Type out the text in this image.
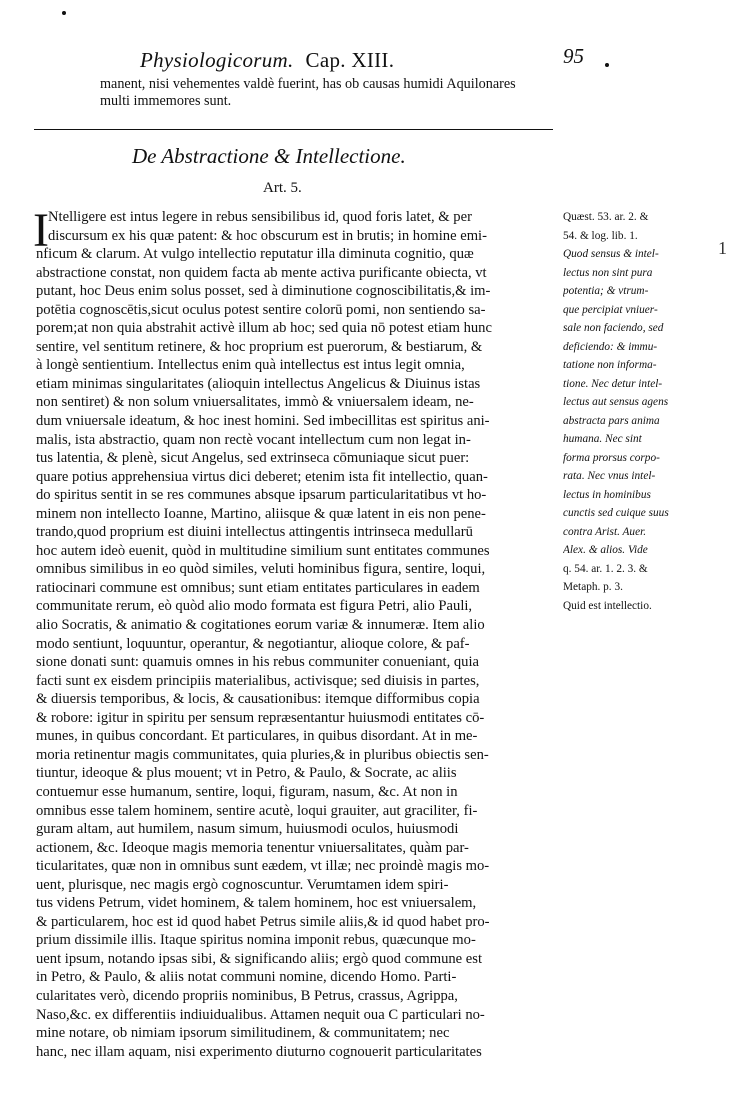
Physiologicorum. Cap. XIII.	95
manent, nisi vehementes valdè fuerint, has ob causas humidi Aquilonares
multi immemores sunt.
De Abstractione & Intellectione.
Art. 5.
I Ntelligere est intus legere in rebus sensibilibus id, quod foris latet, & per
discursum ex his quæ patent: & hoc obscurum est in brutis; in homine emi-
nficum & clarum. At vulgo intellectio reputatur illa diminuta cognitio, quæ
abstractione constat, non quidem facta ab mente activa purificante obiecta, vt
putant, hoc Deus enim solus posset, sed à diminutione cognoscibilitatis,& im-
potētia cognoscētis,sicut oculus potest sentire colorū pomi, non sentiendo sa-
porem;at non quia abstrahit activè illum ab hoc; sed quia nō potest etiam hunc
sentire, vel sentitum retinere, & hoc proprium est puerorum, & bestiarum, &
à longè sentientium. Intellectus enim quà intellectus est intus legit omnia,
etiam minimas singularitates (alioquin intellectus Angelicus & Diuinus istas
non sentiret) & non solum vniuersalitates, immò & vniuersalem ideam, ne-
dum vniuersale ideatum, & hoc inest homini. Sed imbecillitas est spiritus ani-
malis, ista abstractio, quam non rectè vocant intellectum cum non legat in-
tus latentia, & plenè, sicut Angelus, sed extrinseca cōmuniaque sicut puer:
quare potius apprehensiua virtus dici deberet; etenim ista fit intellectio, quan-
do spiritus sentit in se res communes absque ipsarum particularitatibus vt ho-
minem non intellecto Ioanne, Martino, aliisque & quæ latent in eis non pene-
trando,quod proprium est diuini intellectus attingentis intrinseca medullarū
hoc autem ideò euenit, quòd in multitudine similium sunt entitates communes
omnibus similibus in eo quòd similes, veluti hominibus figura, sentire, loqui,
ratiocinari commune est omnibus; sunt etiam entitates particulares in eadem
communitate rerum, eò quòd alio modo formata est figura Petri, alio Pauli,
alio Socratis, & animatio & cogitationes eorum variæ & innumeræ. Item alio
modo sentiunt, loquuntur, operantur, & negotiantur, alioque colore, & paf-
sione donati sunt: quamuis omnes in his rebus communiter conueniant, quia
facti sunt ex eisdem principiis materialibus, activisque; sed diuisis in partes,
& diuersis temporibus, & locis, & causationibus: itemque difformibus copia
& robore: igitur in spiritu per sensum repræsentantur huiusmodi entitates cō-
munes, in quibus concordant. Et particulares, in quibus disordant. At in me-
moria retinentur magis communitates, quia pluries,& in pluribus obiectis sen-
tiuntur, ideoque & plus mouent; vt in Petro, & Paulo, & Socrate, ac aliis
contuemur esse humanum, sentire, loqui, figuram, nasum, &c. At non in
omnibus esse talem hominem, sentire acutè, loqui grauiter, aut graciliter, fi-
guram altam, aut humilem, nasum simum, huiusmodi oculos, huiusmodi
actionem, &c. Ideoque magis memoria tenentur vniuersalitates, quàm par-
ticularitates, quæ non in omnibus sunt eædem, vt illæ; nec proindè magis mo-
uent, plurisque, nec magis ergò cognoscuntur. Verumtamen idem spiri-
tus videns Petrum, videt hominem, & talem hominem, hoc est vniuersalem,
& particularem, hoc est id quod habet Petrus simile aliis,& id quod habet pro-
prium dissimile illis. Itaque spiritus nomina imponit rebus, quæcunque mo-
uent ipsum, notando ipsas sibi, & significando aliis; ergò quod commune est
in Petro, & Paulo, & aliis notat communi nomine, dicendo Homo. Parti-
cularitates verò, dicendo propriis nominibus, B Petrus, crassus, Agrippa,
Naso,&c. ex differentiis indiuidualibus. Attamen nequit oua C particulari no-
mine notare, ob nimiam ipsorum similitudinem, & communitatem; nec
hanc, nec illam aquam, nisi experimento diuturno cognouerit particularitates
Quæst. 53. ar. 2. &
54. & log. lib. 1.
Quod sensus & intel-
lectus non sint pura
potentia; & vtrum-
que percipiat vniuer-
sale non faciendo, sed
deficiendo: & immu-
tatione non informa-
tione. Nec detur intel-
lectus aut sensus agens
abstracta pars anima
humana. Nec sint
forma prorsus corpo-
rata. Nec vnus intel-
lectus in hominibus
cunctis sed cuique suus
contra Arist. Auer.
Alex. & alios. Vide
q. 54. ar. 1. 2. 3. &
Metaph. p. 3.
Quid est intellectio.
1
